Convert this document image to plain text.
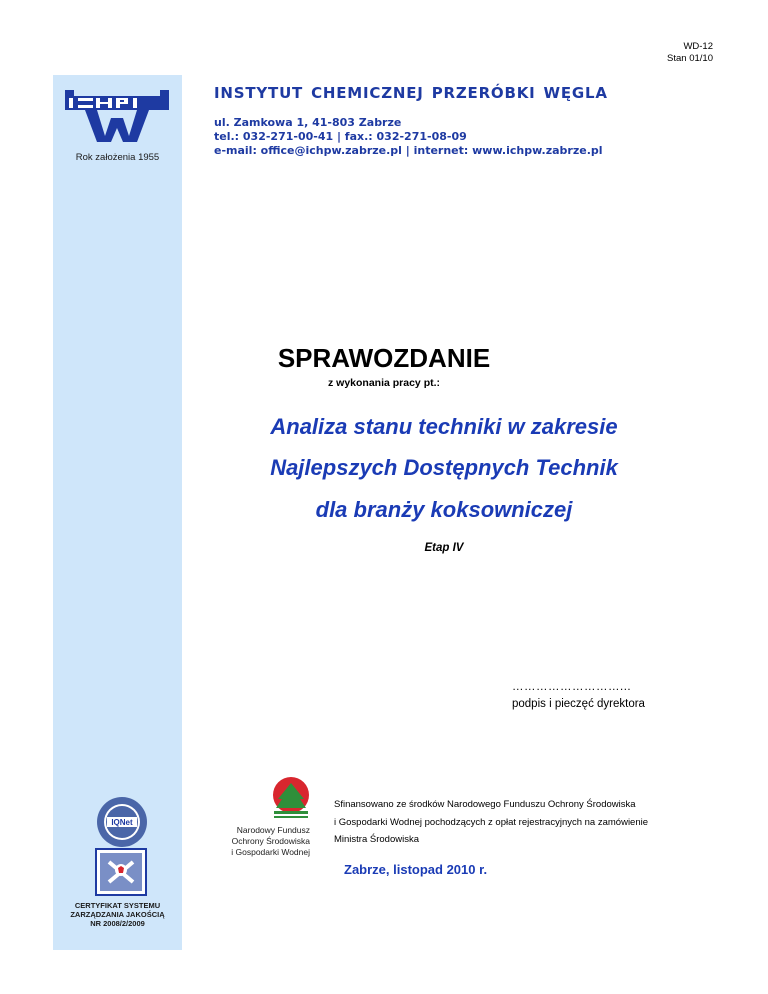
WD-12
Stan 01/10
Rok założenia 1955
INSTYTUT CHEMICZNEJ PRZERÓBKI WĘGLA
ul. Zamkowa 1, 41-803 Zabrze
tel.: 032-271-00-41 | fax.: 032-271-08-09
e-mail: office@ichpw.zabrze.pl | internet: www.ichpw.zabrze.pl
SPRAWOZDANIE
z wykonania pracy pt.:
Analiza stanu techniki w zakresie
Najlepszych Dostępnych Technik
dla branży koksowniczej
Etap IV
………………………...
podpis i pieczęć dyrektora
Narodowy Fundusz
Ochrony Środowiska
i Gospodarki Wodnej
Sfinansowano ze środków Narodowego Funduszu Ochrony Środowiska
i Gospodarki Wodnej pochodzących z opłat rejestracyjnych na zamówienie
Ministra Środowiska
Zabrze, listopad 2010 r.
IQNet
CERTYFIKAT SYSTEMU
ZARZĄDZANIA JAKOŚCIĄ
NR 2008/2/2009
